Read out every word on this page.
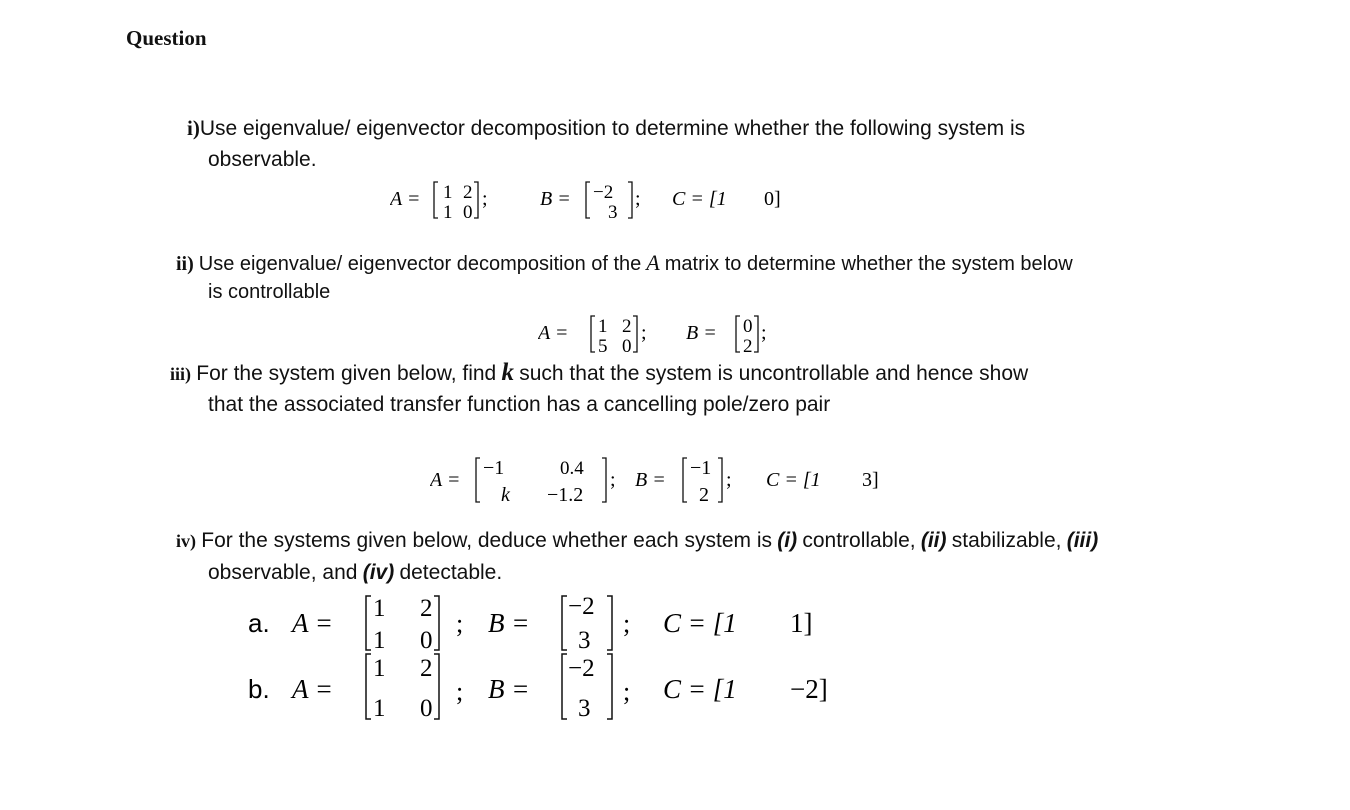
Question
i)Use eigenvalue/ eigenvector decomposition to determine whether the following system is
observable.
A = 1 2
1 0
;	B = −2
3
; C = [1 0]
ii) Use eigenvalue/ eigenvector decomposition of the A matrix to determine whether the system below
is controllable
A = 1 2
5 0
; B = 0
2
;
iii) For the system given below, find k such that the system is uncontrollable and hence show
that the associated transfer function has a cancelling pole/zero pair
A =
−1	0.4
k −1.2
; B =
−1
2
; C = [1 3]
iv) For the systems given below, deduce whether each system is (i) controllable, (ii) stabilizable, (iii)
observable, and (iv) detectable.
a. A = 1 2
1 0
; B =
−2
3
; C = [1 1]
b. A =
1 2
1 0
; B =
−2
3
; C = [1 −2]
